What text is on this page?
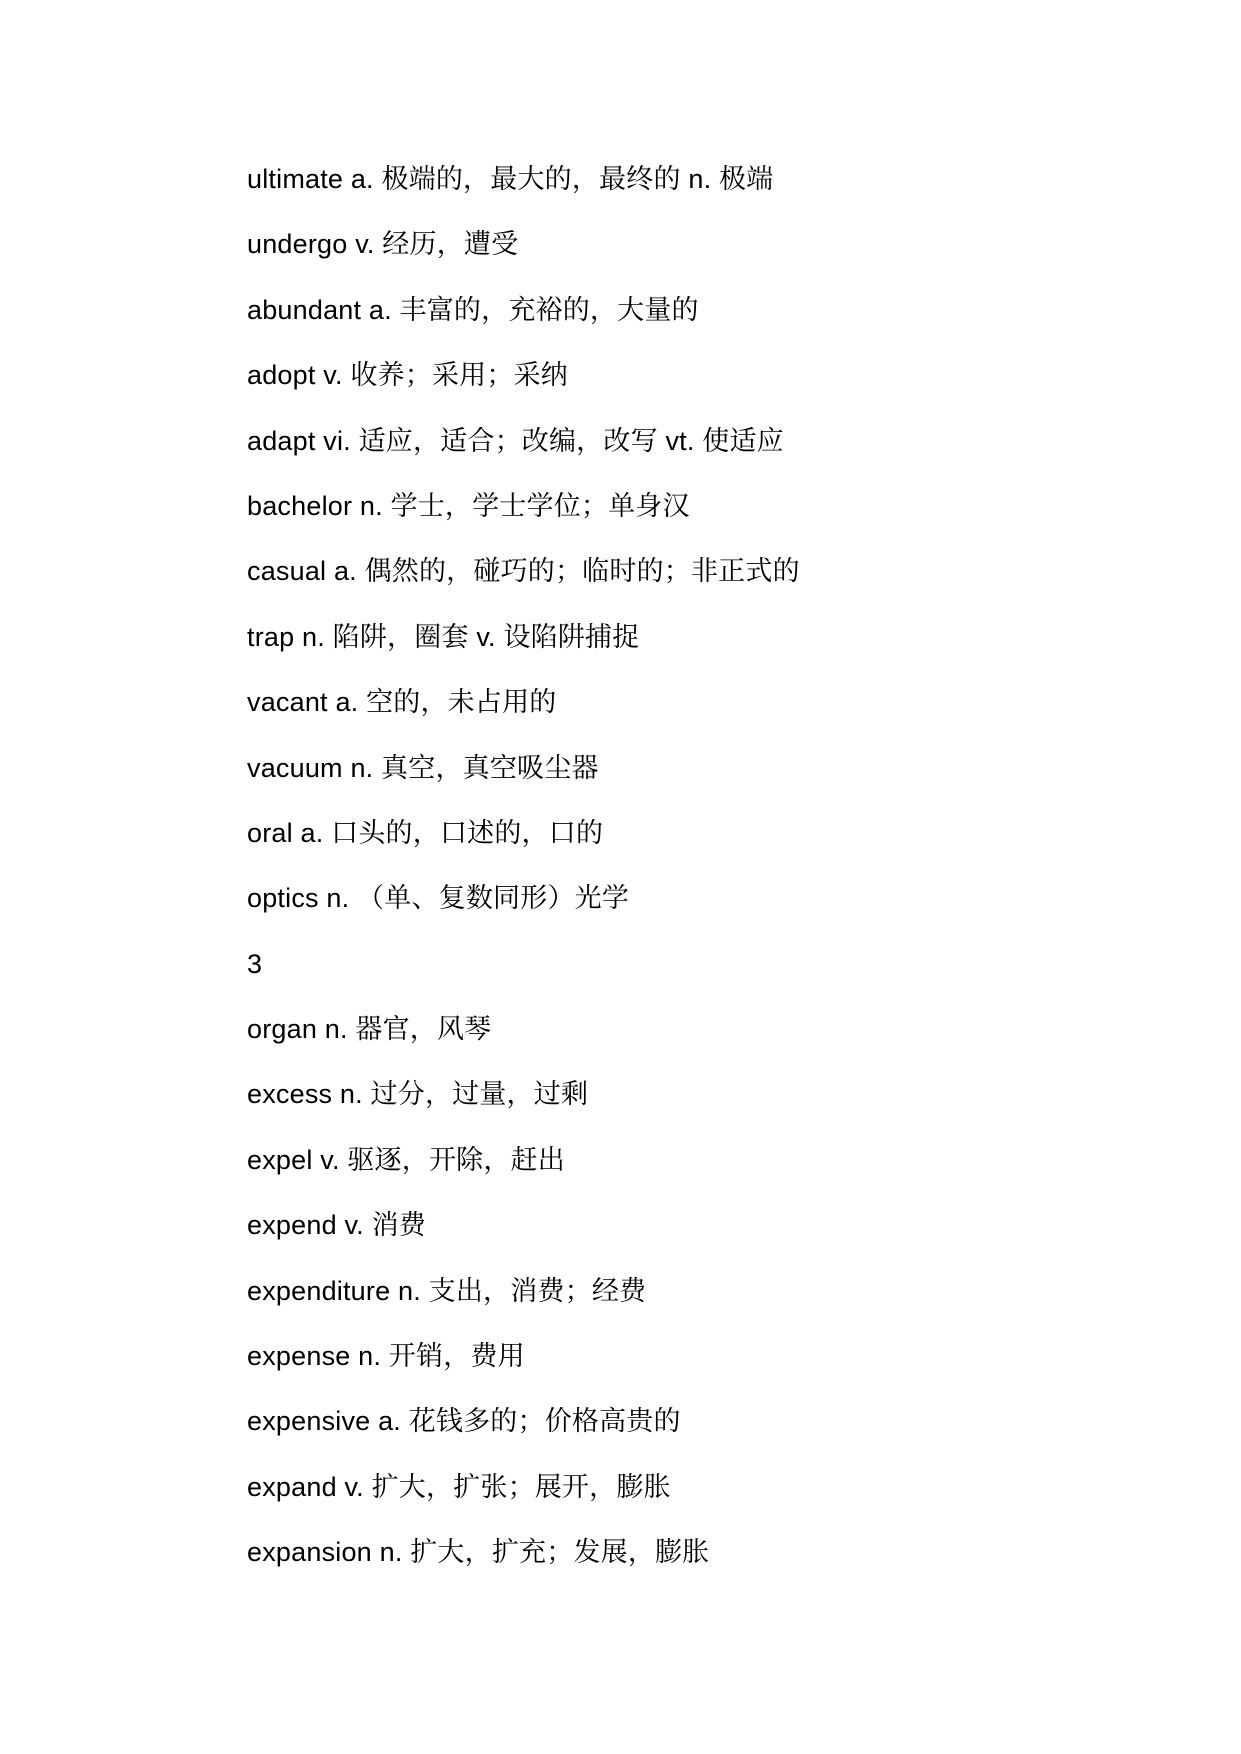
ultimate a. 极端的，最大的，最终的 n. 极端
undergo v. 经历，遭受
abundant a. 丰富的，充裕的，大量的
adopt v. 收养；采用；采纳
adapt vi. 适应，适合；改编，改写 vt. 使适应
bachelor n. 学士，学士学位；单身汉
casual a. 偶然的，碰巧的；临时的；非正式的
trap n. 陷阱，圈套 v. 设陷阱捕捉
vacant a. 空的，未占用的
vacuum n. 真空，真空吸尘器
oral a. 口头的，口述的，口的
optics n. （单、复数同形）光学
3
organ n. 器官，风琴
excess n. 过分，过量，过剩
expel v. 驱逐，开除，赶出
expend v. 消费
expenditure n. 支出，消费；经费
expense n. 开销，费用
expensive a. 花钱多的；价格高贵的
expand v. 扩大，扩张；展开，膨胀
expansion n. 扩大，扩充；发展，膨胀
